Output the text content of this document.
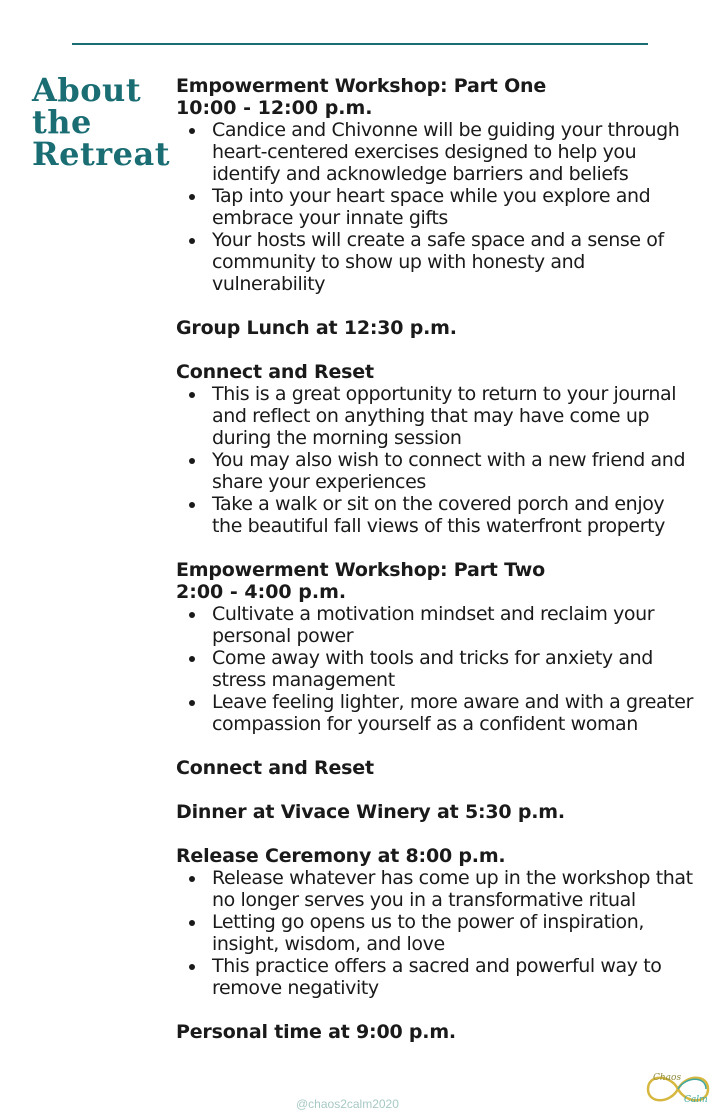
About
the
Retreat
Empowerment Workshop: Part One
10:00 - 12:00 p.m.
Candice and Chivonne will be guiding your through heart-centered exercises designed to help you identify and acknowledge barriers and beliefs
Tap into your heart space while you explore and embrace your innate gifts
Your hosts will create a safe space and a sense of community to show up with honesty and vulnerability
Group Lunch at 12:30 p.m.
Connect and Reset
This is a great opportunity to return to your journal and reflect on anything that may have come up during the morning session
You may also wish to connect with a new friend and share your experiences
Take a walk or sit on the covered porch and enjoy the beautiful fall views of this waterfront property
Empowerment Workshop: Part Two
2:00 - 4:00 p.m.
Cultivate a motivation mindset and reclaim your personal power
Come away with tools and tricks for anxiety and stress management
Leave feeling lighter, more aware and with a greater compassion for yourself as a confident woman
Connect and Reset
Dinner at Vivace Winery at 5:30 p.m.
Release Ceremony at 8:00 p.m.
Release whatever has come up in the workshop that no longer serves you in a transformative ritual
Letting go opens us to the power of inspiration, insight, wisdom, and love
This practice offers a sacred and powerful way to remove negativity
Personal time at 9:00 p.m.
@chaos2calm2020
Chaos
Calm
